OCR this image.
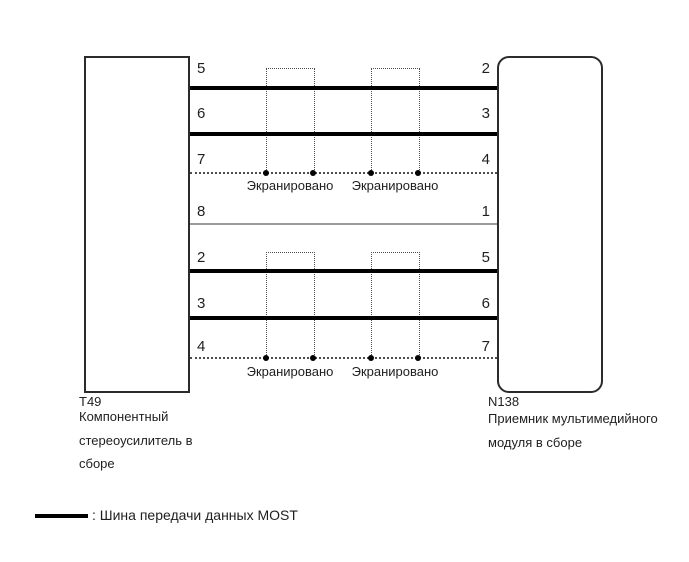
5	2
6	3
7	4
8	1
2	5
3	6
4	7
Экранировано	Экранировано
Экранировано	Экранировано
T49
Компонентный
стереоусилитель в
сборе
N138
Приемник мультимедийного
модуля в сборе
: Шина передачи данных MOST
